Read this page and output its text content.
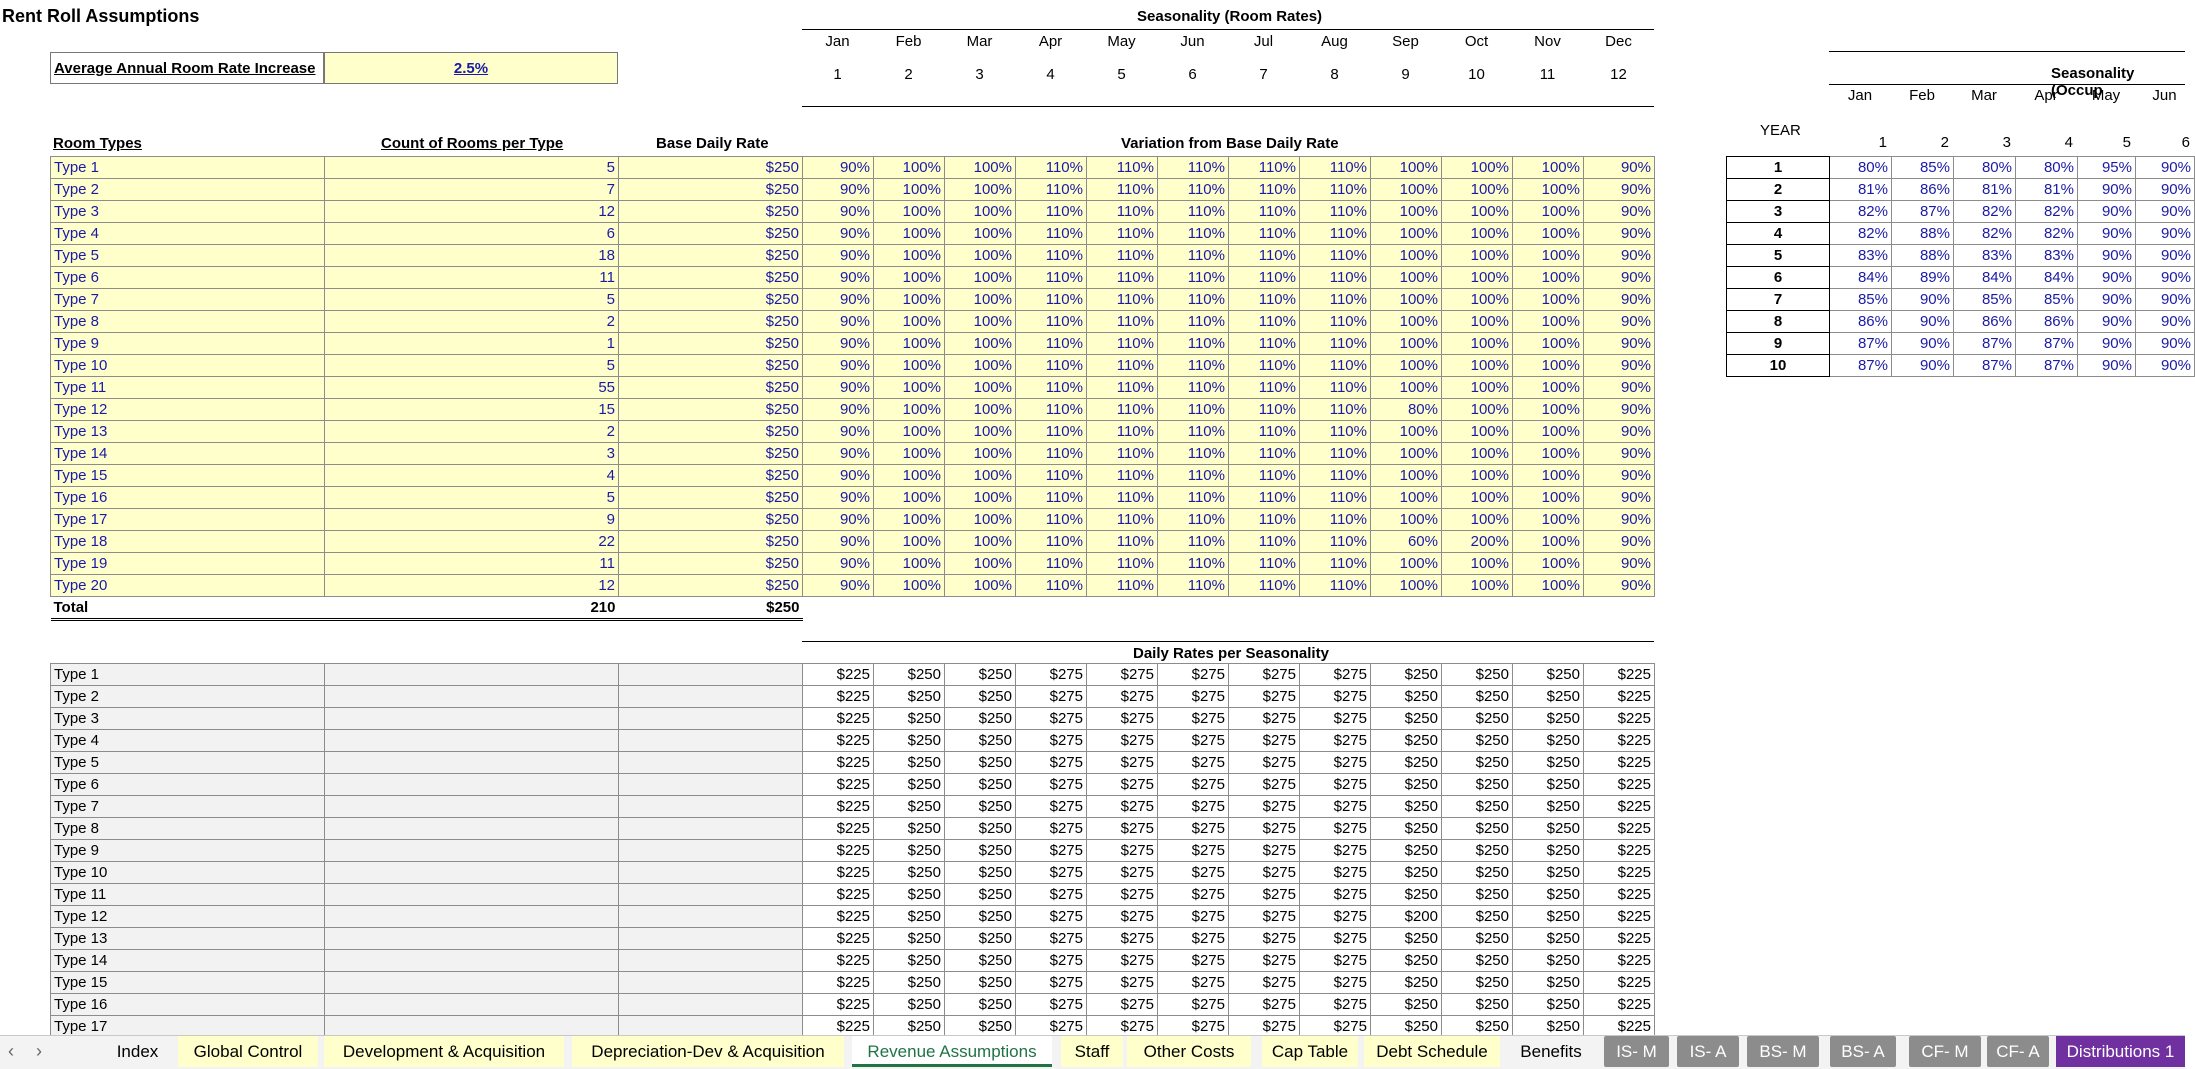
Rent Roll Assumptions
Average Annual Room Rate Increase	2.5%
Seasonality (Room Rates)
Jan	Feb	Mar	Apr	May	Jun	Jul	Aug	Sep	Oct	Nov	Dec
1	2	3	4	5	6	7	8	9	10	11	12
Room Types	Count of Rooms per Type	Base Daily Rate	Variation from Base Daily Rate
Type 1	5	$250	90%	100%	100%	110%	110%	110%	110%	110%	100%	100%	100%	90%
Type 2	7	$250	90%	100%	100%	110%	110%	110%	110%	110%	100%	100%	100%	90%
Type 3	12	$250	90%	100%	100%	110%	110%	110%	110%	110%	100%	100%	100%	90%
Type 4	6	$250	90%	100%	100%	110%	110%	110%	110%	110%	100%	100%	100%	90%
Type 5	18	$250	90%	100%	100%	110%	110%	110%	110%	110%	100%	100%	100%	90%
Type 6	11	$250	90%	100%	100%	110%	110%	110%	110%	110%	100%	100%	100%	90%
Type 7	5	$250	90%	100%	100%	110%	110%	110%	110%	110%	100%	100%	100%	90%
Type 8	2	$250	90%	100%	100%	110%	110%	110%	110%	110%	100%	100%	100%	90%
Type 9	1	$250	90%	100%	100%	110%	110%	110%	110%	110%	100%	100%	100%	90%
Type 10	5	$250	90%	100%	100%	110%	110%	110%	110%	110%	100%	100%	100%	90%
Type 11	55	$250	90%	100%	100%	110%	110%	110%	110%	110%	100%	100%	100%	90%
Type 12	15	$250	90%	100%	100%	110%	110%	110%	110%	110%	80%	100%	100%	90%
Type 13	2	$250	90%	100%	100%	110%	110%	110%	110%	110%	100%	100%	100%	90%
Type 14	3	$250	90%	100%	100%	110%	110%	110%	110%	110%	100%	100%	100%	90%
Type 15	4	$250	90%	100%	100%	110%	110%	110%	110%	110%	100%	100%	100%	90%
Type 16	5	$250	90%	100%	100%	110%	110%	110%	110%	110%	100%	100%	100%	90%
Type 17	9	$250	90%	100%	100%	110%	110%	110%	110%	110%	100%	100%	100%	90%
Type 18	22	$250	90%	100%	100%	110%	110%	110%	110%	110%	60%	200%	100%	90%
Type 19	11	$250	90%	100%	100%	110%	110%	110%	110%	110%	100%	100%	100%	90%
Type 20	12	$250	90%	100%	100%	110%	110%	110%	110%	110%	100%	100%	100%	90%
Total	210	$250												
Daily Rates per Seasonality
Type 1			$225	$250	$250	$275	$275	$275	$275	$275	$250	$250	$250	$225
Type 2			$225	$250	$250	$275	$275	$275	$275	$275	$250	$250	$250	$225
Type 3			$225	$250	$250	$275	$275	$275	$275	$275	$250	$250	$250	$225
Type 4			$225	$250	$250	$275	$275	$275	$275	$275	$250	$250	$250	$225
Type 5			$225	$250	$250	$275	$275	$275	$275	$275	$250	$250	$250	$225
Type 6			$225	$250	$250	$275	$275	$275	$275	$275	$250	$250	$250	$225
Type 7			$225	$250	$250	$275	$275	$275	$275	$275	$250	$250	$250	$225
Type 8			$225	$250	$250	$275	$275	$275	$275	$275	$250	$250	$250	$225
Type 9			$225	$250	$250	$275	$275	$275	$275	$275	$250	$250	$250	$225
Type 10			$225	$250	$250	$275	$275	$275	$275	$275	$250	$250	$250	$225
Type 11			$225	$250	$250	$275	$275	$275	$275	$275	$250	$250	$250	$225
Type 12			$225	$250	$250	$275	$275	$275	$275	$275	$200	$250	$250	$225
Type 13			$225	$250	$250	$275	$275	$275	$275	$275	$250	$250	$250	$225
Type 14			$225	$250	$250	$275	$275	$275	$275	$275	$250	$250	$250	$225
Type 15			$225	$250	$250	$275	$275	$275	$275	$275	$250	$250	$250	$225
Type 16			$225	$250	$250	$275	$275	$275	$275	$275	$250	$250	$250	$225
Type 17			$225	$250	$250	$275	$275	$275	$275	$275	$250	$250	$250	$225
Seasonality (Occup
Jan	Feb	Mar	Apr	May	Jun
YEAR
1	2	3	4	5	6
1	80%	85%	80%	80%	95%	90%
2	81%	86%	81%	81%	90%	90%
3	82%	87%	82%	82%	90%	90%
4	82%	88%	82%	82%	90%	90%
5	83%	88%	83%	83%	90%	90%
6	84%	89%	84%	84%	90%	90%
7	85%	90%	85%	85%	90%	90%
8	86%	90%	86%	86%	90%	90%
9	87%	90%	87%	87%	90%	90%
10	87%	90%	87%	87%	90%	90%
‹ ›	Index	Global Control	Development & Acquisition	Depreciation-Dev & Acquisition	Revenue Assumptions	Staff	Other Costs	Cap Table	Debt Schedule	Benefits	IS- M	IS- A	BS- M	BS- A	CF- M	CF- A	Distributions 1
